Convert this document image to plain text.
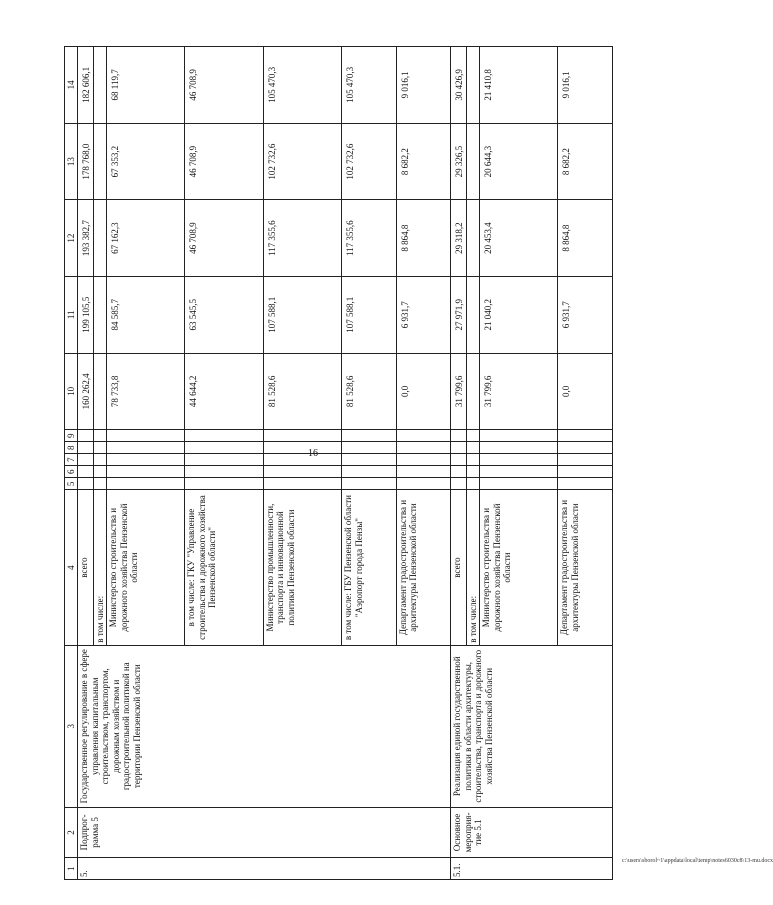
16
c:\users\sborol~1\appdata\local\temp\notes6030c8\13-mu.docx
1	2	3	4	5	6	7	8	9	10	11	12	13	14
5.	Подпрог-рамма 5	Государственное регулирование в сфере управления капитальным строительством, транспортом, дорожным хозяйством и градостроительной политикой на территории Пензенской области	всего						160 262,4	199 105,5	193 382,7	178 768,0	182 606,1
			в том числе:										
			Министерство строительства и дорожного хозяйства Пензенской области						78 733,8	84 585,7	67 162,3	67 353,2	68 119,7
			в том числе: ГКУ "Управление строительства и дорожного хозяйства Пензенской области"						44 644,2	63 545,5	46 708,9	46 708,9	46 708,9
			Министерство промышленности, транспорта и инновационной политики Пензенской области						81 528,6	107 588,1	117 355,6	102 732,6	105 470,3
			в том числе: ГБУ Пензенской области "Аэропорт города Пензы"						81 528,6	107 588,1	117 355,6	102 732,6	105 470,3
			Департамент градостроительства и архитектуры Пензенской области						0,0	6 931,7	8 864,8	8 682,2	9 016,1
5.1.	Основное мероприя-тие 5.1	Реализация единой государственной политики в области архитектуры, строительства, транспорта и дорожного хозяйства Пензенской области	всего						31 799,6	27 971,9	29 318,2	29 326,5	30 426,9
			в том числе:										
			Министерство строительства и дорожного хозяйства Пензенской области						31 799,6	21 040,2	20 453,4	20 644,3	21 410,8
			Департамент градостроительства и архитектуры Пензенской области						0,0	6 931,7	8 864,8	8 682,2	9 016,1
